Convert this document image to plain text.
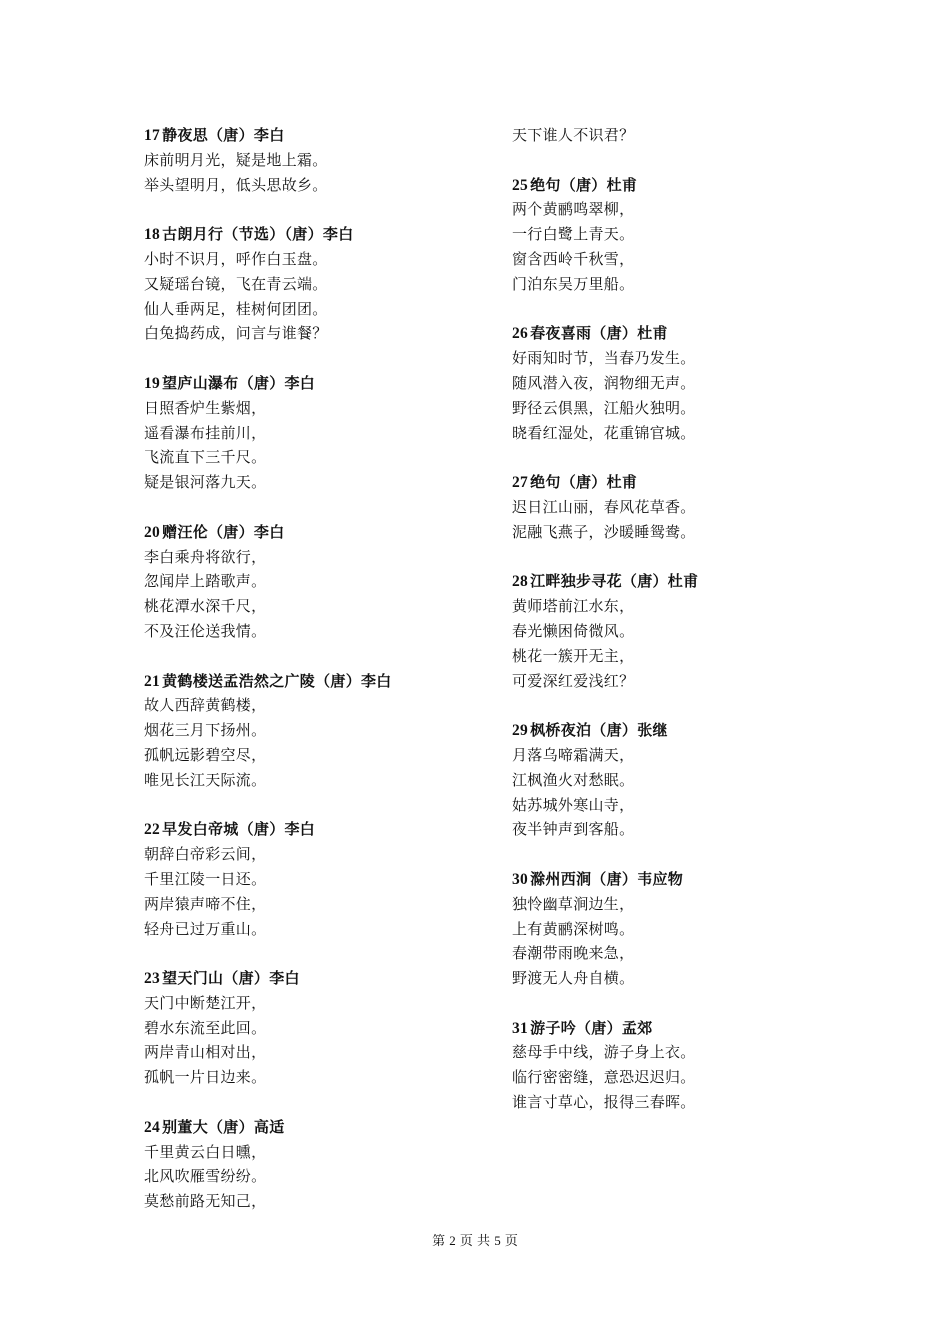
17 静夜思（唐）李白
床前明月光，疑是地上霜。
举头望明月，低头思故乡。
18 古朗月行（节选）（唐）李白
小时不识月，呼作白玉盘。
又疑瑶台镜，飞在青云端。
仙人垂两足，桂树何团团。
白兔捣药成，问言与谁餐？
19 望庐山瀑布（唐）李白
日照香炉生紫烟，
遥看瀑布挂前川，
飞流直下三千尺。
疑是银河落九天。
20 赠汪伦（唐）李白
李白乘舟将欲行，
忽闻岸上踏歌声。
桃花潭水深千尺，
不及汪伦送我情。
21 黄鹤楼送孟浩然之广陵（唐）李白
故人西辞黄鹤楼，
烟花三月下扬州。
孤帆远影碧空尽，
唯见长江天际流。
22 早发白帝城（唐）李白
朝辞白帝彩云间，
千里江陵一日还。
两岸猿声啼不住，
轻舟已过万重山。
23 望天门山（唐）李白
天门中断楚江开，
碧水东流至此回。
两岸青山相对出，
孤帆一片日边来。
24 别董大（唐）高适
千里黄云白日曛，
北风吹雁雪纷纷。
莫愁前路无知己，
天下谁人不识君？
25 绝句（唐）杜甫
两个黄鹂鸣翠柳，
一行白鹭上青天。
窗含西岭千秋雪，
门泊东吴万里船。
26 春夜喜雨（唐）杜甫
好雨知时节，当春乃发生。
随风潜入夜，润物细无声。
野径云俱黑，江船火独明。
晓看红湿处，花重锦官城。
27 绝句（唐）杜甫
迟日江山丽，春风花草香。
泥融飞燕子，沙暖睡鸳鸯。
28 江畔独步寻花（唐）杜甫
黄师塔前江水东，
春光懒困倚微风。
桃花一簇开无主，
可爱深红爱浅红？
29 枫桥夜泊（唐）张继
月落乌啼霜满天，
江枫渔火对愁眠。
姑苏城外寒山寺，
夜半钟声到客船。
30 滁州西涧（唐）韦应物
独怜幽草涧边生，
上有黄鹂深树鸣。
春潮带雨晚来急，
野渡无人舟自横。
31 游子吟（唐）孟郊
慈母手中线，游子身上衣。
临行密密缝，意恐迟迟归。
谁言寸草心，报得三春晖。
第 2 页 共 5 页
